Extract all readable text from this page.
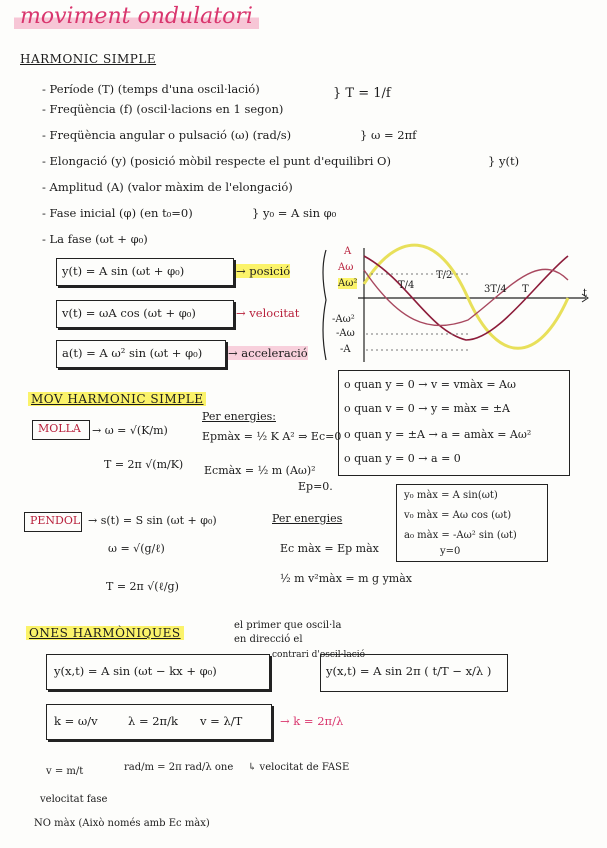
moviment ondulatori
HARMONIC SIMPLE
- Període (T) (temps d'una oscil·lació)
- Freqüència (f) (oscil·lacions en 1 segon)
} T = 1/f
- Freqüència angular o pulsació (ω) (rad/s)	} ω = 2πf
- Elongació (y) (posició mòbil respecte el punt d'equilibri O)	} y(t)
- Amplitud (A) (valor màxim de l'elongació)
- Fase inicial (φ) (en t₀=0)	} y₀ = A sin φ₀
- La fase (ωt + φ₀)
y(t) = A sin (ωt + φ₀)	→ posició
v(t) = ωA cos (ωt + φ₀)	→ velocitat
a(t) = A ω² sin (ωt + φ₀) → acceleració
A
Aω
Aω²
-Aω²
-Aω
-A
T/4
T/2
3T/4 T	t
MOV HARMONIC SIMPLE
o quan y = 0 → v = vmàx = Aω
o quan v = 0 → y = màx = ±A
o quan y = ±A → a = amàx = Aω²
o quan y = 0 → a = 0
MOLLA → ω = √(K/m)
T = 2π √(m/K)
Per energies:
Epmàx = ½ K A² ⇒ Ec=0
Ecmàx = ½ m (Aω)²
Ep=0.
y₀ màx = A sin(ωt)
v₀ màx = Aω cos (ωt)
a₀ màx = -Aω² sin (ωt)
y=0
PENDOL → s(t) = S sin (ωt + φ₀)
ω = √(g/ℓ)
T = 2π √(ℓ/g)
Per energies
Ec màx = Ep màx
½ m v²màx = m g ymàx
ONES HARMÒNIQUES
el primer que oscil·la
en direcció el
contrari d'oscil·lació
y(x,t) = A sin (ωt − kx + φ₀)	y(x,t) = A sin 2π ( t/T − x/λ )
k = ω/v	λ = 2π/k v = λ/T	→ k = 2π/λ
v = m/t	rad/m = 2π rad/λ one ↳ velocitat de FASE
velocitat fase
NO màx (Això només amb Ec màx)
